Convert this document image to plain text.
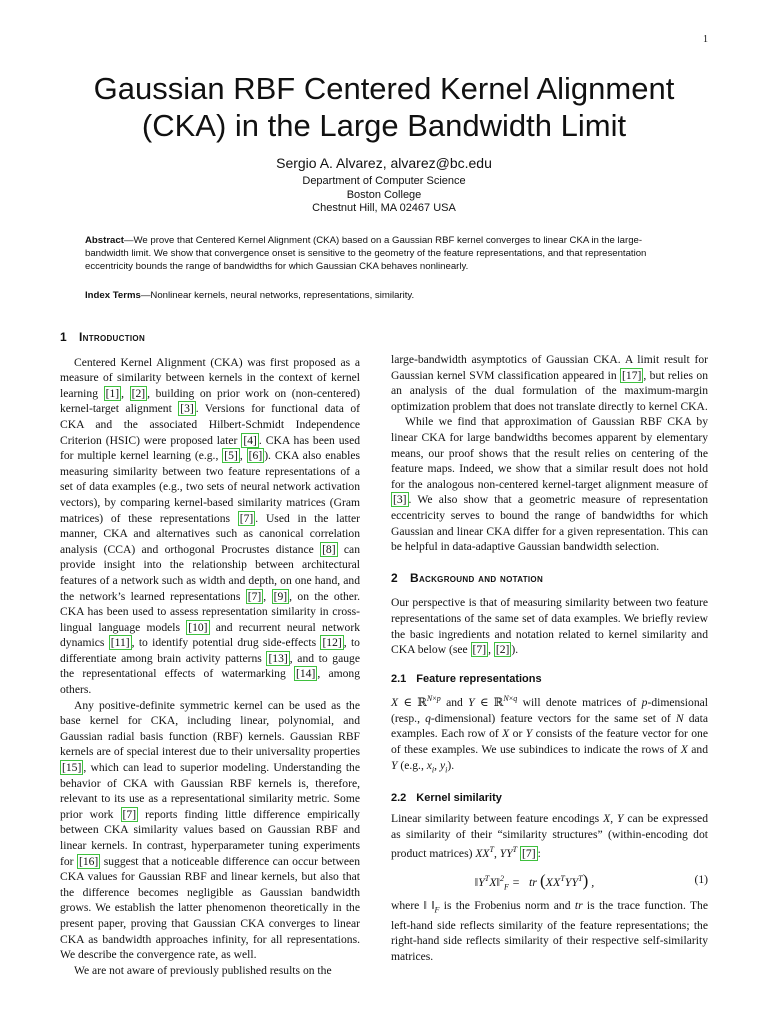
1
Gaussian RBF Centered Kernel Alignment
(CKA) in the Large Bandwidth Limit
Sergio A. Alvarez, alvarez@bc.edu
Department of Computer Science
Boston College
Chestnut Hill, MA 02467 USA
Abstract—We prove that Centered Kernel Alignment (CKA) based on a Gaussian RBF kernel converges to linear CKA in the large-bandwidth limit. We show that convergence onset is sensitive to the geometry of the feature representations, and that representation eccentricity bounds the range of bandwidths for which Gaussian CKA behaves nonlinearly.
Index Terms—Nonlinear kernels, neural networks, representations, similarity.
1 Introduction

Centered Kernel Alignment (CKA) was first proposed as a measure of similarity between kernels in the context of kernel learning [1] , [2] , building on prior work on (non-centered) kernel-target alignment [3] . Versions for functional data of CKA and the associated Hilbert-Schmidt Independence Criterion (HSIC) were proposed later [4] . CKA has been used for multiple kernel learning (e.g., [5] , [6] ). CKA also enables measuring similarity between two feature representations of a set of data examples (e.g., two sets of neural network activation vectors), by comparing kernel-based similarity matrices (Gram matrices) of these representations [7] . Used in the latter manner, CKA and alternatives such as canonical correlation analysis (CCA) and orthogonal Procrustes distance [8] can provide insight into the relationship between architectural features of a network such as width and depth, on one hand, and the network’s learned representations [7] , [9] , on the other. CKA has been used to assess representation similarity in cross-lingual language models [10] and recurrent neural network dynamics [11] , to identify potential drug side-effects [12] , to differentiate among brain activity patterns [13] , and to gauge the representational effects of watermarking [14] , among others.

Any positive-definite symmetric kernel can be used as the base kernel for CKA, including linear, polynomial, and Gaussian radial basis function (RBF) kernels. Gaussian RBF kernels are of special interest due to their universality properties [15] , which can lead to superior modeling. Understanding the behavior of CKA with Gaussian RBF kernels is, therefore, relevant to its use as a representational similarity metric. Some prior work [7] reports finding little difference empirically between CKA similarity values based on Gaussian RBF and linear kernels. In contrast, hyperparameter tuning experiments for [16] suggest that a noticeable difference can occur between CKA values for Gaussian RBF and linear kernels, but also that the difference becomes negligible as Gaussian bandwidth grows. We establish the latter phenomenon theoretically in the present paper, proving that Gaussian CKA converges to linear CKA as bandwidth approaches infinity, for all representations. We describe the convergence rate, as well.

We are not aware of previously published results on the

large-bandwidth asymptotics of Gaussian CKA. A limit result for Gaussian kernel SVM classification appeared in [17] , but relies on an analysis of the dual formulation of the maximum-margin optimization problem that does not translate directly to kernel CKA.

While we find that approximation of Gaussian RBF CKA by linear CKA for large bandwidths becomes apparent by elementary means, our proof shows that the result relies on centering of the feature maps. Indeed, we show that a similar result does not hold for the analogous non-centered kernel-target alignment measure of [3] . We also show that a geometric measure of representation eccentricity serves to bound the range of bandwidths for which Gaussian and linear CKA differ for a given representation. This can be helpful in data-adaptive Gaussian bandwidth selection.

2 Background and notation

Our perspective is that of measuring similarity between two feature representations of the same set of data examples. We briefly review the basic ingredients and notation related to kernel similarity and CKA below (see [7] , [2] ).

2.1 Feature representations

X ∈ ℝ$^{N\times p}$ and Y ∈ ℝ$^{N\times q}$ will denote matrices of p-dimensional (resp., q-dimensional) feature vectors for the same set of N data examples. Each row of X or Y consists of the feature vector for one of these examples. We use subindices to indicate the rows of X and Y (e.g., $x_i$, $y_i$).

2.2 Kernel similarity

Linear similarity between feature encodings X, Y can be expressed as similarity of their “similarity structures” (within-encoding dot product matrices) $XX^T$, $YY^T$ [7] :

$‖Y^TX‖^2_F$ =   tr $(XX^TYY^T)$ ,	(1)

where ‖ $‖_F$ is the Frobenius norm and tr is the trace function. The left-hand side reflects similarity of the feature representations; the right-hand side reflects similarity of their respective self-similarity matrices.
